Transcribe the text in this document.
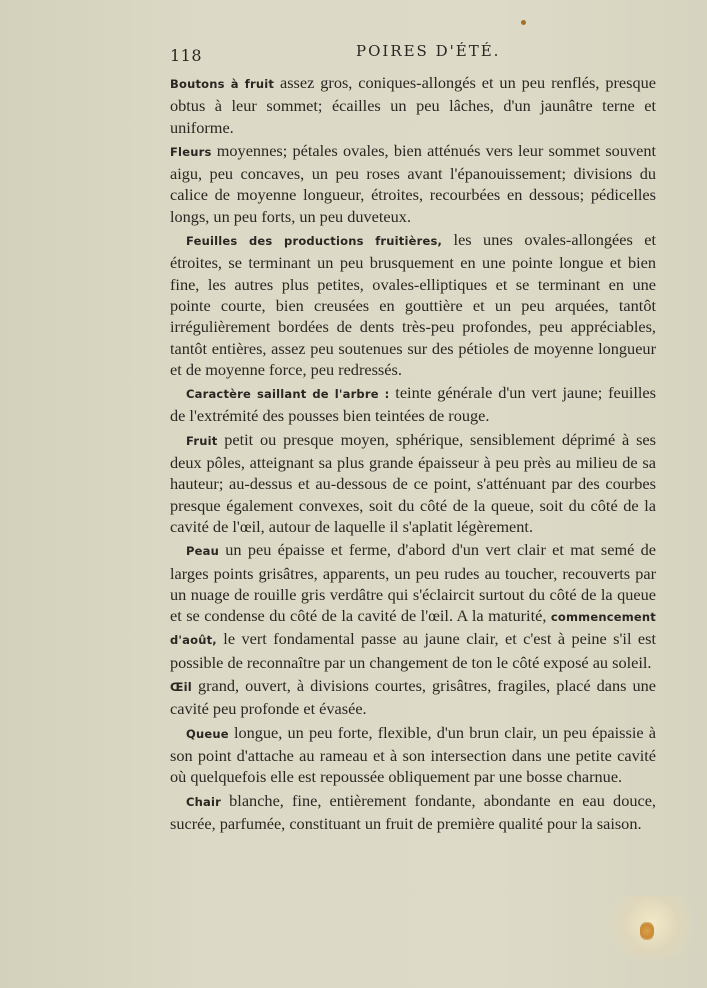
118	POIRES D'ÉTÉ.

Boutons à fruit assez gros, coniques-allongés et un peu renflés, presque obtus à leur sommet; écailles un peu lâches, d'un jaunâtre terne et uniforme.

Fleurs moyennes; pétales ovales, bien atténués vers leur sommet souvent aigu, peu concaves, un peu roses avant l'épanouissement; divisions du calice de moyenne longueur, étroites, recourbées en dessous; pédicelles longs, un peu forts, un peu duveteux.

Feuilles des productions fruitières, les unes ovales-allongées et étroites, se terminant un peu brusquement en une pointe longue et bien fine, les autres plus petites, ovales-elliptiques et se terminant en une pointe courte, bien creusées en gouttière et un peu arquées, tantôt irrégulièrement bordées de dents très-peu profondes, peu appréciables, tantôt entières, assez peu soutenues sur des pétioles de moyenne longueur et de moyenne force, peu redressés.

Caractère saillant de l'arbre : teinte générale d'un vert jaune; feuilles de l'extrémité des pousses bien teintées de rouge.

Fruit petit ou presque moyen, sphérique, sensiblement déprimé à ses deux pôles, atteignant sa plus grande épaisseur à peu près au milieu de sa hauteur; au-dessus et au-dessous de ce point, s'atténuant par des courbes presque également convexes, soit du côté de la queue, soit du côté de la cavité de l'œil, autour de laquelle il s'aplatit légèrement.

Peau un peu épaisse et ferme, d'abord d'un vert clair et mat semé de larges points grisâtres, apparents, un peu rudes au toucher, recouverts par un nuage de rouille gris verdâtre qui s'éclaircit surtout du côté de la queue et se condense du côté de la cavité de l'œil. A la maturité, commencement d'août, le vert fondamental passe au jaune clair, et c'est à peine s'il est possible de reconnaître par un changement de ton le côté exposé au soleil.

Œil grand, ouvert, à divisions courtes, grisâtres, fragiles, placé dans une cavité peu profonde et évasée.

Queue longue, un peu forte, flexible, d'un brun clair, un peu épaissie à son point d'attache au rameau et à son intersection dans une petite cavité où quelquefois elle est repoussée obliquement par une bosse charnue.

Chair blanche, fine, entièrement fondante, abondante en eau douce, sucrée, parfumée, constituant un fruit de première qualité pour la saison.
